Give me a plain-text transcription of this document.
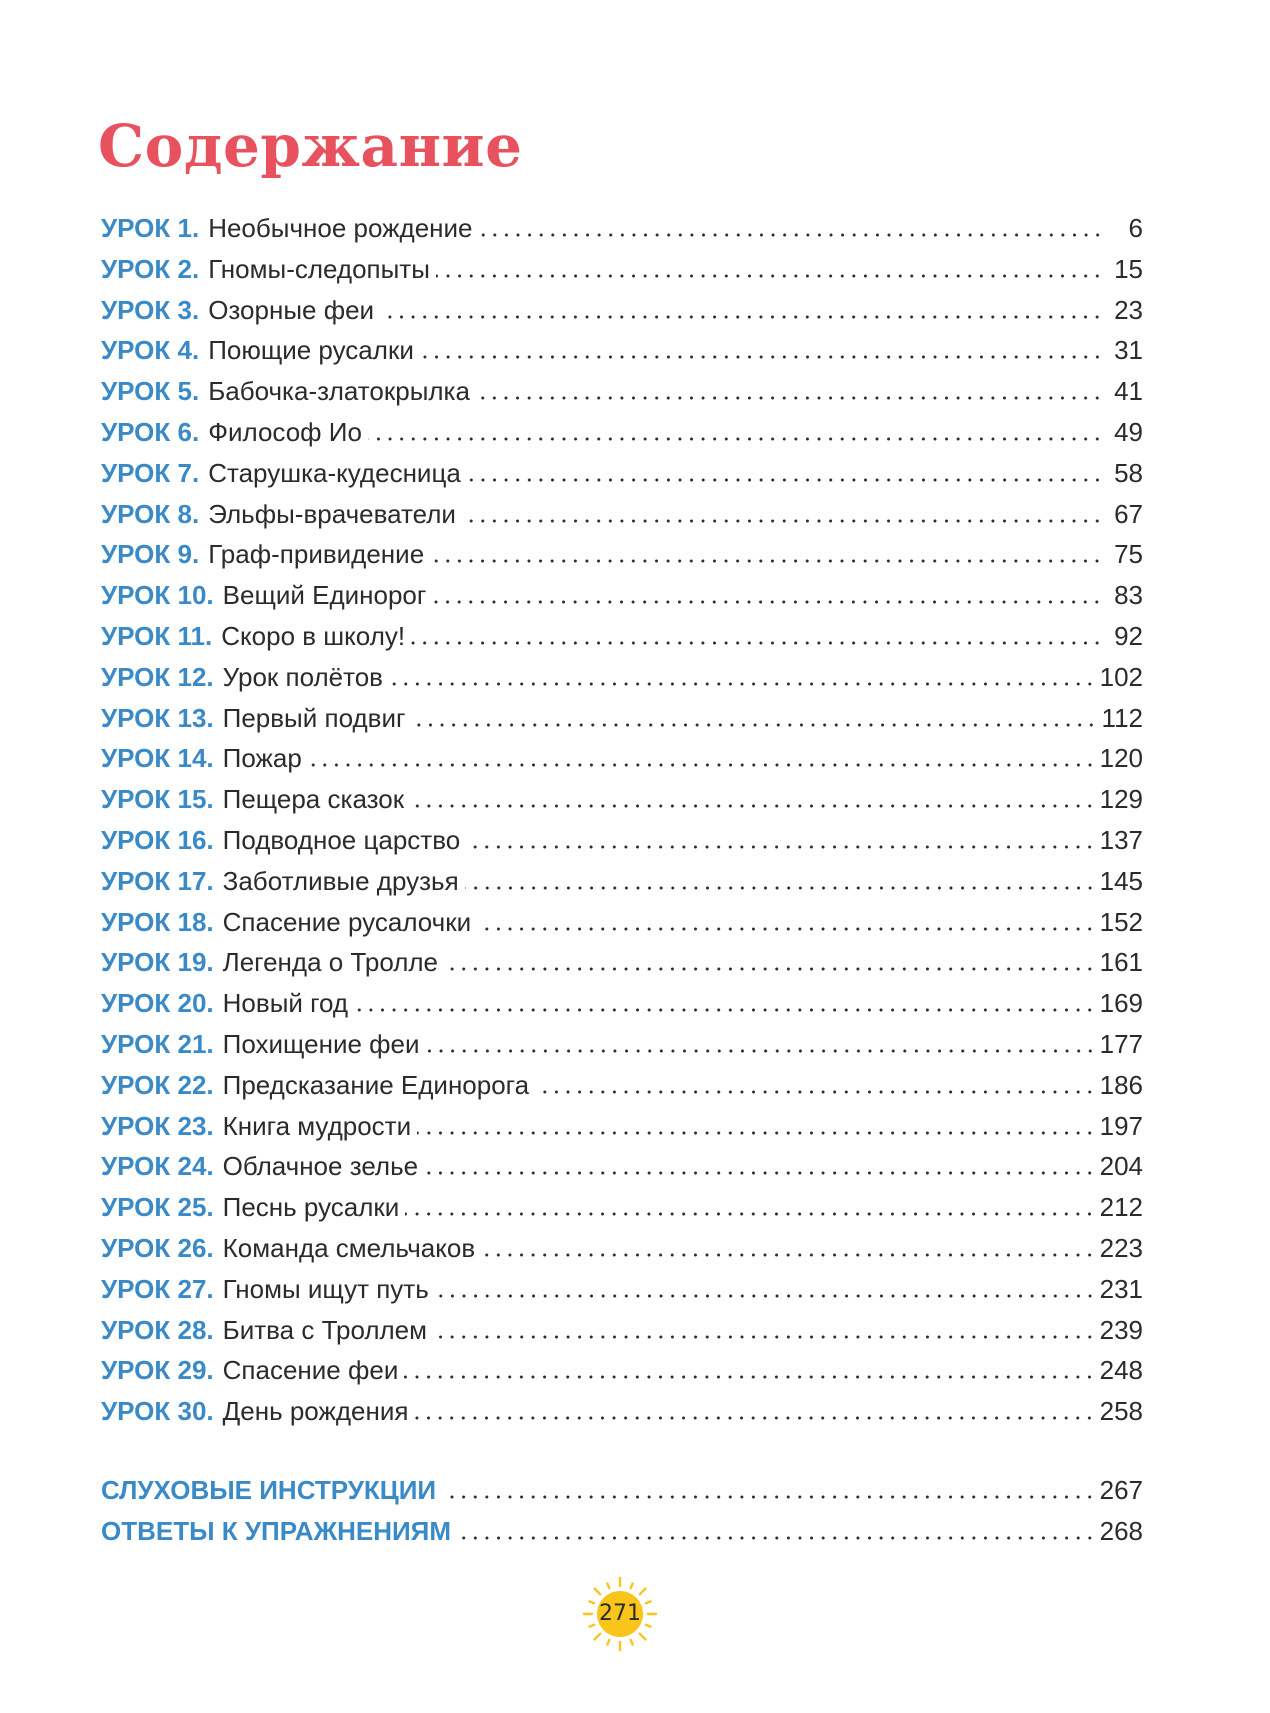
Содержание
УРОК 1. Необычное рождение	6
УРОК 2. Гномы-следопыты	15
УРОК 3. Озорные феи	23
УРОК 4. Поющие русалки	31
УРОК 5. Бабочка-златокрылка	41
УРОК 6. Философ Ио	49
УРОК 7. Старушка-кудесница	58
УРОК 8. Эльфы-врачеватели	67
УРОК 9. Граф-привидение	75
УРОК 10. Вещий Единорог	83
УРОК 11. Скоро в школу!	92
УРОК 12. Урок полётов	102
УРОК 13. Первый подвиг	112
УРОК 14. Пожар	120
УРОК 15. Пещера сказок	129
УРОК 16. Подводное царство	137
УРОК 17. Заботливые друзья	145
УРОК 18. Спасение русалочки	152
УРОК 19. Легенда о Тролле	161
УРОК 20. Новый год	169
УРОК 21. Похищение феи	177
УРОК 22. Предсказание Единорога	186
УРОК 23. Книга мудрости	197
УРОК 24. Облачное зелье	204
УРОК 25. Песнь русалки	212
УРОК 26. Команда смельчаков	223
УРОК 27. Гномы ищут путь	231
УРОК 28. Битва с Троллем	239
УРОК 29. Спасение феи	248
УРОК 30. День рождения	258
СЛУХОВЫЕ ИНСТРУКЦИИ	267
ОТВЕТЫ К УПРАЖНЕНИЯМ	268
271
